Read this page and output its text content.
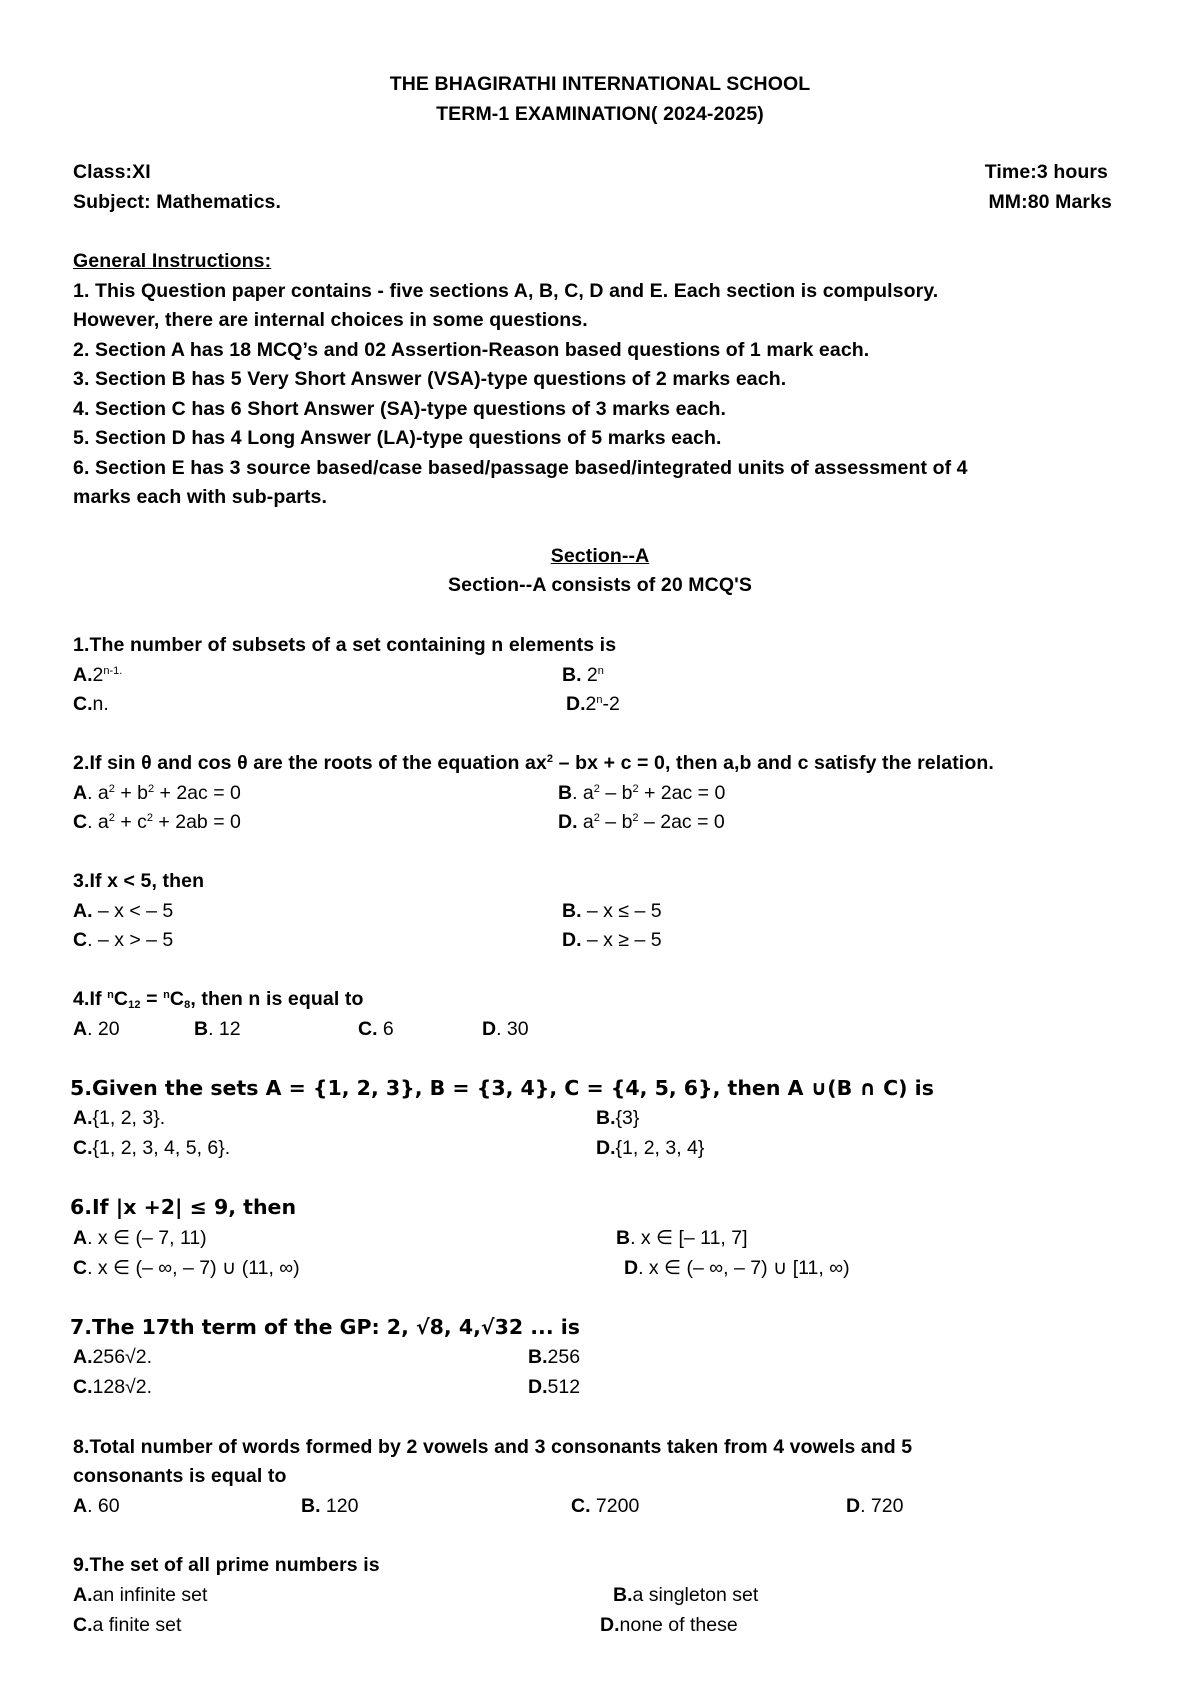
THE BHAGIRATHI INTERNATIONAL SCHOOL
TERM-1 EXAMINATION( 2024-2025)
Class:XI
Subject: Mathematics.
Time:3 hours
MM:80 Marks
General Instructions:
1. This Question paper contains - five sections A, B, C, D and E. Each section is compulsory.
However, there are internal choices in some questions.
2. Section A has 18 MCQ’s and 02 Assertion-Reason based questions of 1 mark each.
3. Section B has 5 Very Short Answer (VSA)-type questions of 2 marks each.
4. Section C has 6 Short Answer (SA)-type questions of 3 marks each.
5. Section D has 4 Long Answer (LA)-type questions of 5 marks each.
6. Section E has 3 source based/case based/passage based/integrated units of assessment of 4
marks each with sub-parts.
Section--A
Section--A consists of 20 MCQ'S
1.The number of subsets of a set containing n elements is
$A.2^{n-1.}$	B. 2$^n$
C.n.	D.2$^n$-2
2.If sin θ and cos θ are the roots of the equation $ax^2$ – bx + c = 0, then a,b and c satisfy the relation.
A. $a^2 + b^2 + 2ac = 0$	B. $a^2 - b^2 + 2ac = 0$
C. $a^2 + c^2 + 2ab = 0$	D. $a^2 - b^2 - 2ac = 0$
3.If x < 5, then
A. – x < – 5	B. – x ≤ – 5
C. – x > – 5	D. – x ≥ – 5
4.If $^nC_{12} = ^nC_8$, then n is equal to
A. 20	B. 12	C. 6	D. 30
5.Given the sets A = {1, 2, 3}, B = {3, 4}, C = {4, 5, 6}, then A ∪(B ∩ C) is
A.{1, 2, 3}.	B.{3}
C.{1, 2, 3, 4, 5, 6}.	D.{1, 2, 3, 4}
6.If |x +2| ≤ 9, then
A. x ∈ (– 7, 11)	B. x ∈ [– 11, 7]
C. x ∈ (– ∞, – 7) ∪ (11, ∞)	D. x ∈ (– ∞, – 7) ∪ [11, ∞)
7.The 17th term of the GP: 2, √8, 4,√32 ... is
A.256√2.	B.256
C.128√2.	D.512
8.Total number of words formed by 2 vowels and 3 consonants taken from 4 vowels and 5
consonants is equal to
A. 60	B. 120	C. 7200	D. 720
9.The set of all prime numbers is
A.an infinite set	B.a singleton set
C.a finite set	D.none of these
